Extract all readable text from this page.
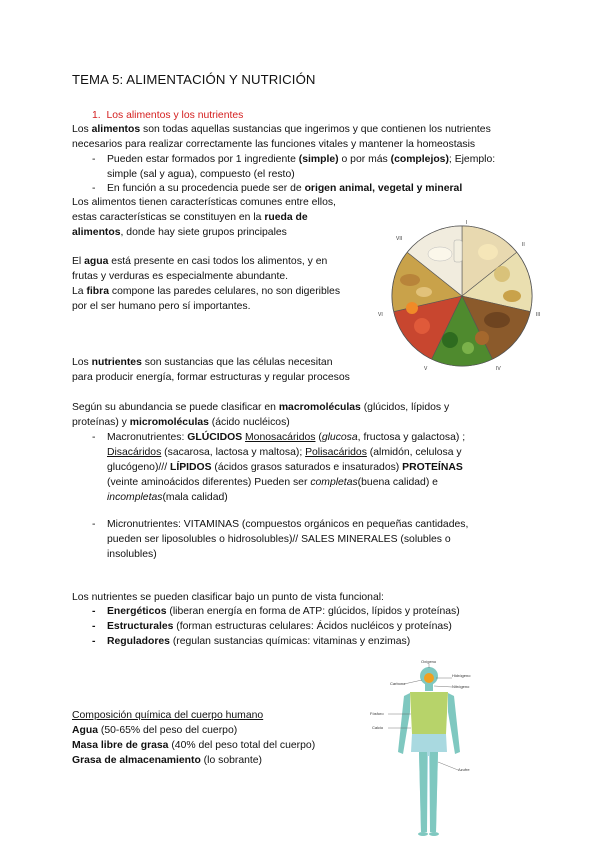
TEMA 5: ALIMENTACIÓN Y NUTRICIÓN
1. Los alimentos y los nutrientes
Los alimentos son todas aquellas sustancias que ingerimos y que contienen los nutrientes
necesarios para realizar correctamente las funciones vitales y mantener la homeostasis
- Pueden estar formados por 1 ingrediente (simple) o por más (complejos); Ejemplo:
simple (sal y agua), compuesto (el resto)
- En función a su procedencia puede ser de origen animal, vegetal y mineral
Los alimentos tienen características comunes entre ellos,
estas características se constituyen en la rueda de
alimentos, donde hay siete grupos principales
El agua está presente en casi todos los alimentos, y en
frutas y verduras es especialmente abundante.
La fibra compone las paredes celulares, no son digeribles
por el ser humano pero sí importantes.
I
II
III
IV
V
VI
VII
Los nutrientes son sustancias que las células necesitan
para producir energía, formar estructuras y regular procesos
Según su abundancia se puede clasificar en macromoléculas (glúcidos, lípidos y
proteínas) y micromoléculas (ácido nucléicos)
- Macronutrientes: GLÚCIDOS Monosacáridos (glucosa, fructosa y galactosa) ;
Disacáridos (sacarosa, lactosa y maltosa); Polisacáridos (almidón, celulosa y
glucógeno)/// LÍPIDOS (ácidos grasos saturados e insaturados) PROTEÍNAS
(veinte aminoácidos diferentes) Pueden ser completas(buena calidad) e
incompletas(mala calidad)
- Micronutrientes: VITAMINAS (compuestos orgánicos en pequeñas cantidades,
pueden ser liposolubles o hidrosolubles)// SALES MINERALES (solubles o
insolubles)
Los nutrientes se pueden clasificar bajo un punto de vista funcional:
- Energéticos (liberan energía en forma de ATP: glúcidos, lípidos y proteínas)
- Estructurales (forman estructuras celulares: Ácidos nucléicos y proteínas)
- Reguladores (regulan sustancias químicas: vitaminas y enzimas)
Composición química del cuerpo humano
Agua (50-65% del peso del cuerpo)
Masa libre de grasa (40% del peso total del cuerpo)
Grasa de almacenamiento (lo sobrante)
Oxígeno
Carbono
Hidrógeno
Nitrógeno
Fósforo
Calcio
Azufre
